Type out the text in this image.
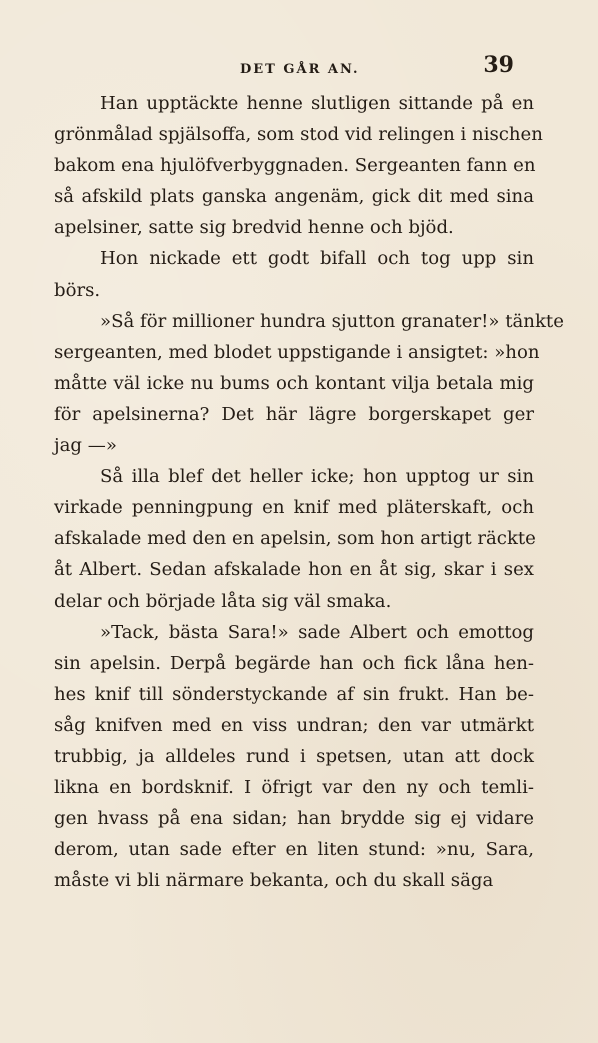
DET GÅR AN.	39
Han upptäckte henne slutligen sittande på en
grönmålad spjälsoffa, som stod vid relingen i nischen
bakom ena hjulöfverbyggnaden. Sergeanten fann en
så afskild plats ganska angenäm, gick dit med sina
apelsiner, satte sig bredvid henne och bjöd.
Hon nickade ett godt bifall och tog upp sin
börs.
»Så för millioner hundra sjutton granater!» tänkte
sergeanten, med blodet uppstigande i ansigtet: »hon
måtte väl icke nu bums och kontant vilja betala mig
för apelsinerna? Det här lägre borgerskapet ger
jag —»
Så illa blef det heller icke; hon upptog ur sin
virkade penningpung en knif med pläterskaft, och
afskalade med den en apelsin, som hon artigt räckte
åt Albert. Sedan afskalade hon en åt sig, skar i sex
delar och började låta sig väl smaka.
»Tack, bästa Sara!» sade Albert och emottog
sin apelsin. Derpå begärde han och fick låna hen-
hes knif till sönderstyckande af sin frukt. Han be-
såg knifven med en viss undran; den var utmärkt
trubbig, ja alldeles rund i spetsen, utan att dock
likna en bordsknif. I öfrigt var den ny och temli-
gen hvass på ena sidan; han brydde sig ej vidare
derom, utan sade efter en liten stund: »nu, Sara,
måste vi bli närmare bekanta, och du skall säga
